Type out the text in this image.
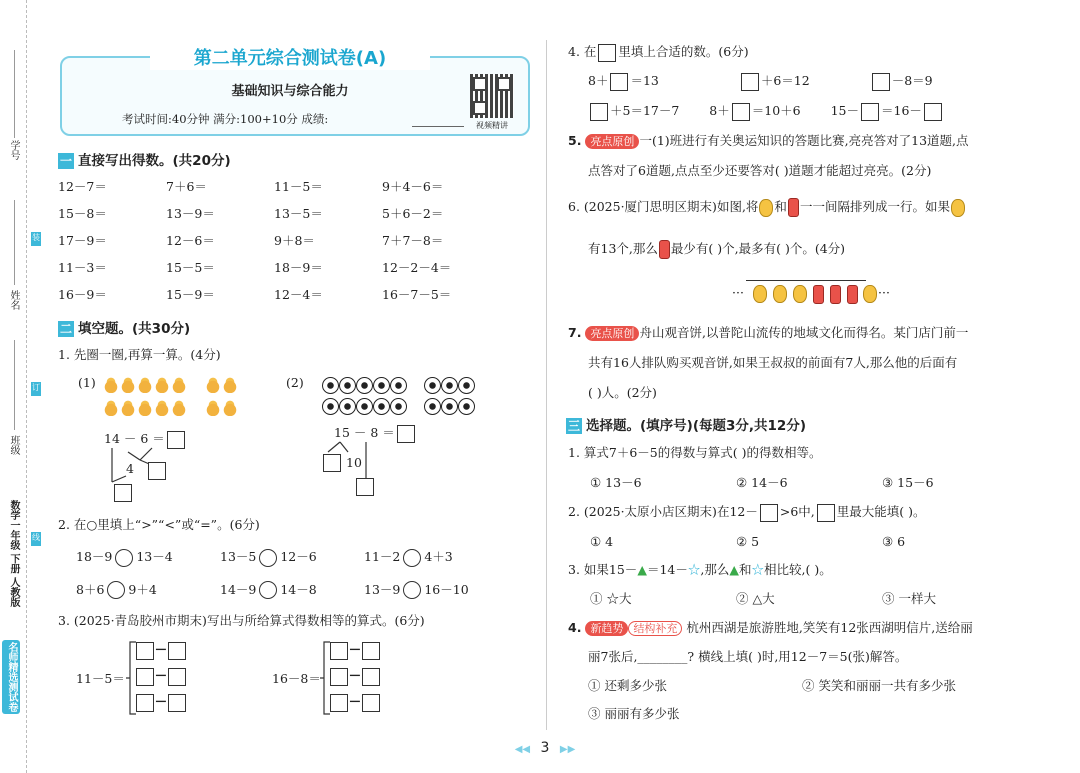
学号
姓名
班级
装
订
线
数学一年级 下册 人教版
名师精选测试卷
第二单元综合测试卷(A)
基础知识与综合能力
考试时间:40分钟 满分:100+10分 成绩:	视频精讲
一 直接写出得数。(共20分)
12－7＝	7＋6＝	11－5＝	9＋4－6＝
15－8＝	13－9＝	13－5＝	5＋6－2＝
17－9＝	12－6＝	9＋8＝	7＋7－8＝
11－3＝	15－5＝	18－9＝	12－2－4＝
16－9＝	15－9＝	12－4＝	16－7－5＝
二 填空题。(共30分)
1. 先圈一圈,再算一算。(4分)
(1)
14 － 6 ＝
4
(2)
15 － 8 ＝
10
2. 在○里填上“>”“<”或“=”。(6分)
18－9 13－4	13－5 12－6	11－2 4＋3
8＋6 9＋4	14－9 14－8	13－9 16－10
3. (2025·青岛胶州市期末)写出与所给算式得数相等的算式。(6分)
11－5＝
─
─
─
16－8＝
─
─
─
4. 在 里填上合适的数。(6分)
8＋ ＝13	＋6＝12	－8＝9
＋5＝17－7 8＋ ＝10＋6 15－ ＝16－
5. 亮点原创 一(1)班进行有关奥运知识的答题比赛,亮亮答对了13道题,点
点答对了6道题,点点至少还要答对( )道题才能超过亮亮。(2分)
6. (2025·厦门思明区期末)如图,将 和 一一间隔排列成一行。如果
有13个,那么 最少有( )个,最多有( )个。(4分)
···	···
7. 亮点原创 舟山观音饼,以普陀山流传的地域文化而得名。某门店门前一
共有16人排队购买观音饼,如果王叔叔的前面有7人,那么他的后面有
( )人。(2分)
三 选择题。(填序号)(每题3分,共12分)
1. 算式7＋6－5的得数与算式( )的得数相等。
① 13－6	② 14－6	③ 15－6
2. (2025·太原小店区期末)在12－ >6中, 里最大能填( )。
① 4	② 5	③ 6
3. 如果15－▲＝14－☆,那么▲和☆相比较,( )。
① ☆大	② △大	③ 一样大
4. 新趋势 结构补充 杭州西湖是旅游胜地,笑笑有12张西湖明信片,送给丽
丽7张后,________? 横线上填( )时,用12－7＝5(张)解答。
① 还剩多少张	② 笑笑和丽丽一共有多少张
③ 丽丽有多少张
◀◀ 3 ▶▶
